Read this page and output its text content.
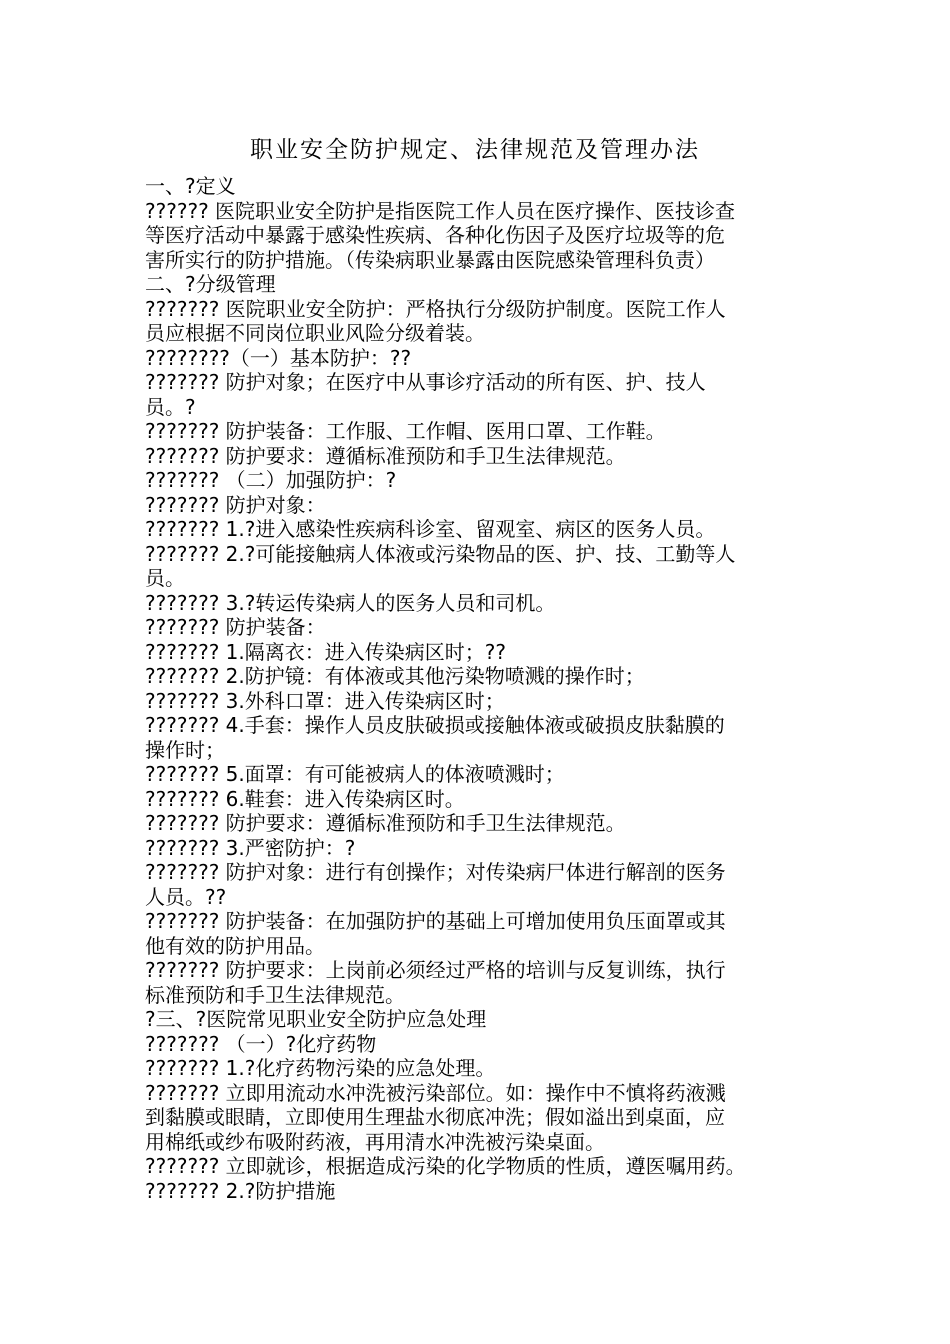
职业安全防护规定、法律规范及管理办法
一、?定义
?????? 医院职业安全防护是指医院工作人员在医疗操作、医技诊查
等医疗活动中暴露于感染性疾病、各种化伤因子及医疗垃圾等的危
害所实行的防护措施。（传染病职业暴露由医院感染管理科负责）
二、?分级管理
??????? 医院职业安全防护：严格执行分级防护制度。医院工作人
员应根据不同岗位职业风险分级着装。
????????（一）基本防护：??
??????? 防护对象；在医疗中从事诊疗活动的所有医、护、技人
员。?
??????? 防护装备：工作服、工作帽、医用口罩、工作鞋。
??????? 防护要求：遵循标准预防和手卫生法律规范。
??????? （二）加强防护：?
??????? 防护对象：
??????? 1.?进入感染性疾病科诊室、留观室、病区的医务人员。
??????? 2.?可能接触病人体液或污染物品的医、护、技、工勤等人
员。
??????? 3.?转运传染病人的医务人员和司机。
??????? 防护装备：
??????? 1.隔离衣：进入传染病区时；??
??????? 2.防护镜：有体液或其他污染物喷溅的操作时；
??????? 3.外科口罩：进入传染病区时；
??????? 4.手套：操作人员皮肤破损或接触体液或破损皮肤黏膜的
操作时；
??????? 5.面罩：有可能被病人的体液喷溅时；
??????? 6.鞋套：进入传染病区时。
??????? 防护要求：遵循标准预防和手卫生法律规范。
??????? 3.严密防护：?
??????? 防护对象：进行有创操作；对传染病尸体进行解剖的医务
人员。??
??????? 防护装备：在加强防护的基础上可增加使用负压面罩或其
他有效的防护用品。
??????? 防护要求：上岗前必须经过严格的培训与反复训练，执行
标准预防和手卫生法律规范。
?三、?医院常见职业安全防护应急处理
??????? （一）?化疗药物
??????? 1.?化疗药物污染的应急处理。
??????? 立即用流动水冲洗被污染部位。如：操作中不慎将药液溅
到黏膜或眼睛，立即使用生理盐水彻底冲洗；假如溢出到桌面，应
用棉纸或纱布吸附药液，再用清水冲洗被污染桌面。
??????? 立即就诊，根据造成污染的化学物质的性质，遵医嘱用药。
??????? 2.?防护措施
